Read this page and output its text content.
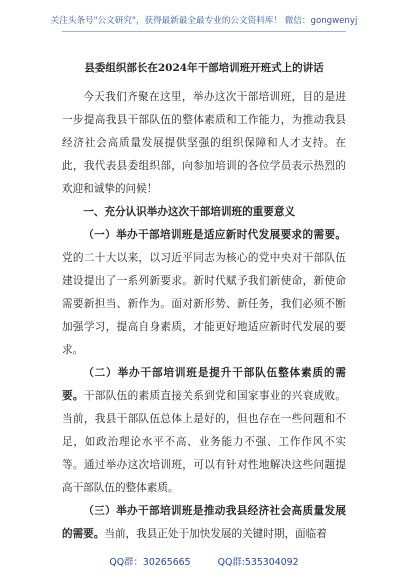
关注头条号"公文研究"，获得最新最全最专业的公文资料库！ 微信：gongwenyj
县委组织部长在2024年干部培训班开班式上的讲话

今天我们齐聚在这里，举办这次干部培训班，目的是进一步提高我县干部队伍的整体素质和工作能力，为推动我县经济社会高质量发展提供坚强的组织保障和人才支持。在此，我代表县委组织部，向参加培训的各位学员表示热烈的欢迎和诚挚的问候！

一、充分认识举办这次干部培训班的重要意义

（一）举办干部培训班是适应新时代发展要求的需要。党的二十大以来，以习近平同志为核心的党中央对干部队伍建设提出了一系列新要求。新时代赋予我们新使命，新使命需要新担当、新作为。面对新形势、新任务，我们必须不断加强学习，提高自身素质，才能更好地适应新时代发展的要求。

（二）举办干部培训班是提升干部队伍整体素质的需要。干部队伍的素质直接关系到党和国家事业的兴衰成败。当前，我县干部队伍总体上是好的，但也存在一些问题和不足，如政治理论水平不高、业务能力不强、工作作风不实等。通过举办这次培训班，可以有针对性地解决这些问题提高干部队伍的整体素质。

（三）举办干部培训班是推动我县经济社会高质量发展的需要。当前，我县正处于加快发展的关键时期，面临着

QQ群：30265665	QQ群:535304092
